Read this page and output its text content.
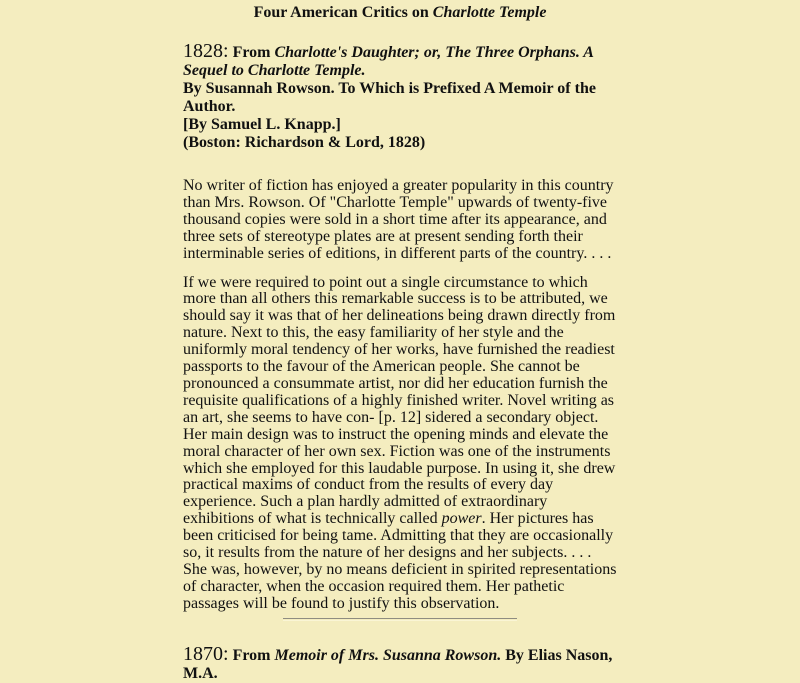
Four American Critics on Charlotte Temple

1828: From Charlotte's Daughter; or, The Three Orphans. A Sequel to Charlotte Temple.
By Susannah Rowson. To Which is Prefixed A Memoir of the Author.
[By Samuel L. Knapp.]
(Boston: Richardson & Lord, 1828)

No writer of fiction has enjoyed a greater popularity in this country than Mrs. Rowson. Of "Charlotte Temple" upwards of twenty-five thousand copies were sold in a short time after its appearance, and three sets of stereotype plates are at present sending forth their interminable series of editions, in different parts of the country. . . .

If we were required to point out a single circumstance to which more than all others this remarkable success is to be attributed, we should say it was that of her delineations being drawn directly from nature. Next to this, the easy familiarity of her style and the uniformly moral tendency of her works, have furnished the readiest passports to the favour of the American people. She cannot be pronounced a consummate artist, nor did her education furnish the requisite qualifications of a highly finished writer. Novel writing as an art, she seems to have con- [p. 12] sidered a secondary object. Her main design was to instruct the opening minds and elevate the moral character of her own sex. Fiction was one of the instruments which she employed for this laudable purpose. In using it, she drew practical maxims of conduct from the results of every day experience. Such a plan hardly admitted of extraordinary exhibitions of what is technically called power. Her pictures has been criticised for being tame. Admitting that they are occasionally so, it results from the nature of her designs and her subjects. . . . She was, however, by no means deficient in spirited representations of character, when the occasion required them. Her pathetic passages will be found to justify this observation.

1870: From Memoir of Mrs. Susanna Rowson. By Elias Nason, M.A.
